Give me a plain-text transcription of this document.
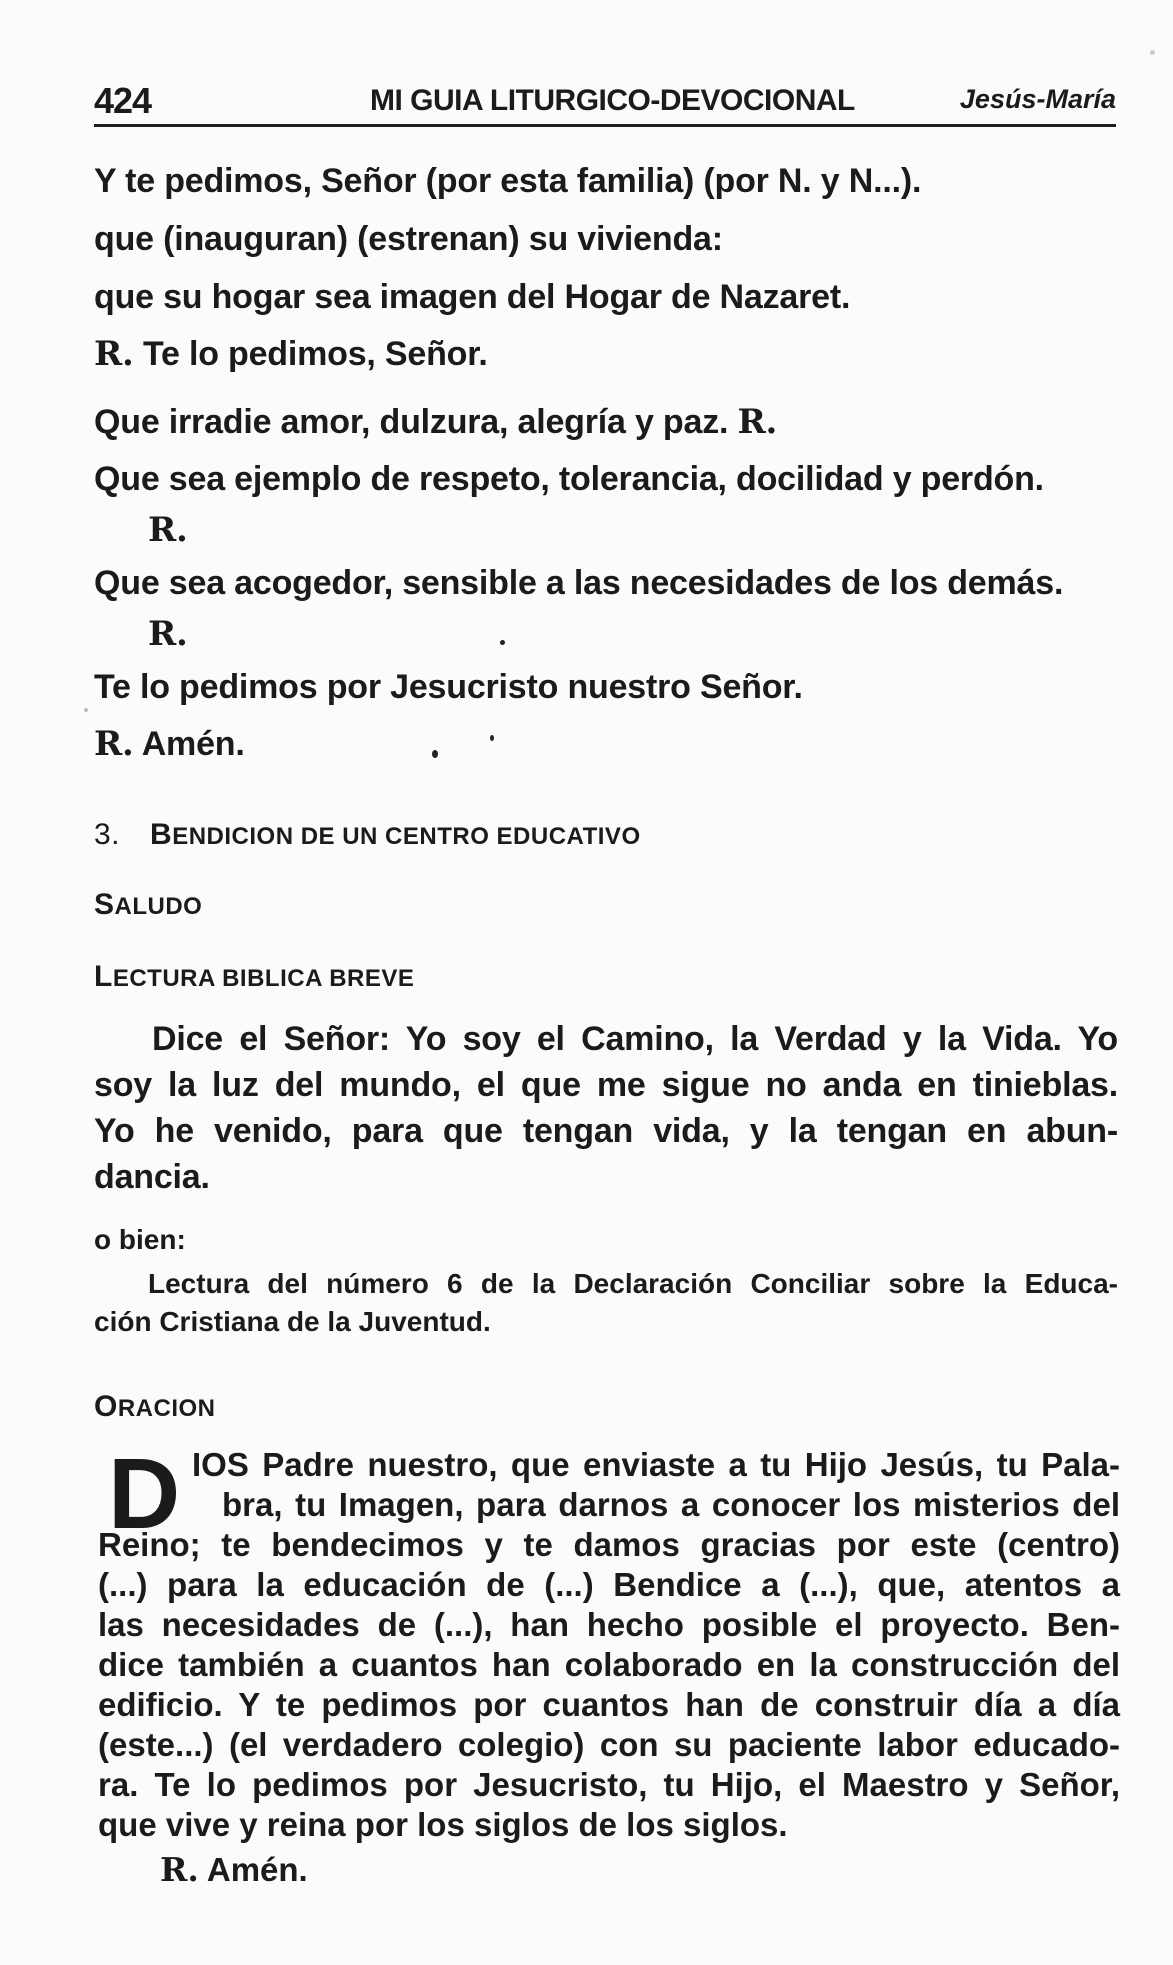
424	MI GUIA LITURGICO-DEVOCIONAL	Jesús-María
Y te pedimos, Señor (por esta familia) (por N. y N...).
que (inauguran) (estrenan) su vivienda:
que su hogar sea imagen del Hogar de Nazaret.
R. Te lo pedimos, Señor.
Que irradie amor, dulzura, alegría y paz. R.
Que sea ejemplo de respeto, tolerancia, docilidad y perdón.
R.
Que sea acogedor, sensible a las necesidades de los demás.
R.
Te lo pedimos por Jesucristo nuestro Señor.
R. Amén.
3. BENDICION DE UN CENTRO EDUCATIVO
SALUDO
LECTURA BIBLICA BREVE
Dice el Señor: Yo soy el Camino, la Verdad y la Vida. Yo
soy la luz del mundo, el que me sigue no anda en tinieblas.
Yo he venido, para que tengan vida, y la tengan en abun-
dancia.
o bien:
Lectura del número 6 de la Declaración Conciliar sobre la Educa-
ción Cristiana de la Juventud.
ORACION
D IOS Padre nuestro, que enviaste a tu Hijo Jesús, tu Pala-
bra, tu Imagen, para darnos a conocer los misterios del
Reino; te bendecimos y te damos gracias por este (centro)
(...) para la educación de (...) Bendice a (...), que, atentos a
las necesidades de (...), han hecho posible el proyecto. Ben-
dice también a cuantos han colaborado en la construcción del
edificio. Y te pedimos por cuantos han de construir día a día
(este...) (el verdadero colegio) con su paciente labor educado-
ra. Te lo pedimos por Jesucristo, tu Hijo, el Maestro y Señor,
que vive y reina por los siglos de los siglos.
R. Amén.
